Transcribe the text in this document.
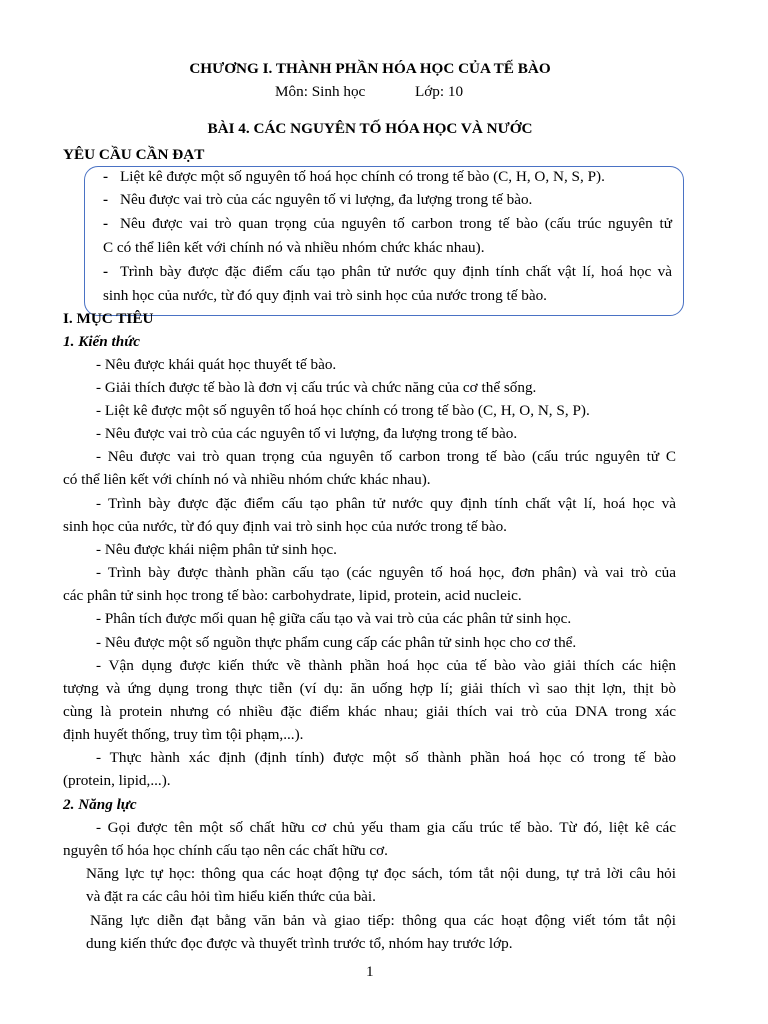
CHƯƠNG I. THÀNH PHẦN HÓA HỌC CỦA TẾ BÀO
Môn: Sinh học	Lớp: 10
BÀI 4. CÁC NGUYÊN TỐ HÓA HỌC VÀ NƯỚC
YÊU CẦU CẦN ĐẠT
- Liệt kê được một số nguyên tố hoá học chính có trong tế bào (C, H, O, N, S, P).
- Nêu được vai trò của các nguyên tố vi lượng, đa lượng trong tế bào.
- Nêu được vai trò quan trọng của nguyên tố carbon trong tế bào (cấu trúc nguyên tử
C có thể liên kết với chính nó và nhiều nhóm chức khác nhau).
- Trình bày được đặc điểm cấu tạo phân tử nước quy định tính chất vật lí, hoá học và
sinh học của nước, từ đó quy định vai trò sinh học của nước trong tế bào.
I. MỤC TIÊU
1. Kiến thức
- Nêu được khái quát học thuyết tế bào.
- Giải thích được tế bào là đơn vị cấu trúc và chức năng của cơ thể sống.
- Liệt kê được một số nguyên tố hoá học chính có trong tế bào (C, H, O, N, S, P).
- Nêu được vai trò của các nguyên tố vi lượng, đa lượng trong tế bào.
- Nêu được vai trò quan trọng của nguyên tố carbon trong tế bào (cấu trúc nguyên tử C
có thể liên kết với chính nó và nhiều nhóm chức khác nhau).
- Trình bày được đặc điểm cấu tạo phân tử nước quy định tính chất vật lí, hoá học và
sinh học của nước, từ đó quy định vai trò sinh học của nước trong tế bào.
- Nêu được khái niệm phân tử sinh học.
- Trình bày được thành phần cấu tạo (các nguyên tố hoá học, đơn phân) và vai trò của
các phân tử sinh học trong tế bào: carbohydrate, lipid, protein, acid nucleic.
- Phân tích được mối quan hệ giữa cấu tạo và vai trò của các phân tử sinh học.
- Nêu được một số nguồn thực phẩm cung cấp các phân tử sinh học cho cơ thể.
- Vận dụng được kiến thức về thành phần hoá học của tế bào vào giải thích các hiện
tượng và ứng dụng trong thực tiễn (ví dụ: ăn uống hợp lí; giải thích vì sao thịt lợn, thịt bò
cùng là protein nhưng có nhiều đặc điểm khác nhau; giải thích vai trò của DNA trong xác
định huyết thống, truy tìm tội phạm,...).
- Thực hành xác định (định tính) được một số thành phần hoá học có trong tế bào
(protein, lipid,...).
2. Năng lực
- Gọi được tên một số chất hữu cơ chủ yếu tham gia cấu trúc tế bào. Từ đó, liệt kê các
nguyên tố hóa học chính cấu tạo nên các chất hữu cơ.
Năng lực tự học: thông qua các hoạt động tự đọc sách, tóm tắt nội dung, tự trả lời câu hỏi
và đặt ra các câu hỏi tìm hiểu kiến thức của bài.
Năng lực diễn đạt bằng văn bản và giao tiếp: thông qua các hoạt động viết tóm tắt nội
dung kiến thức đọc được và thuyết trình trước tổ, nhóm hay trước lớp.
1
